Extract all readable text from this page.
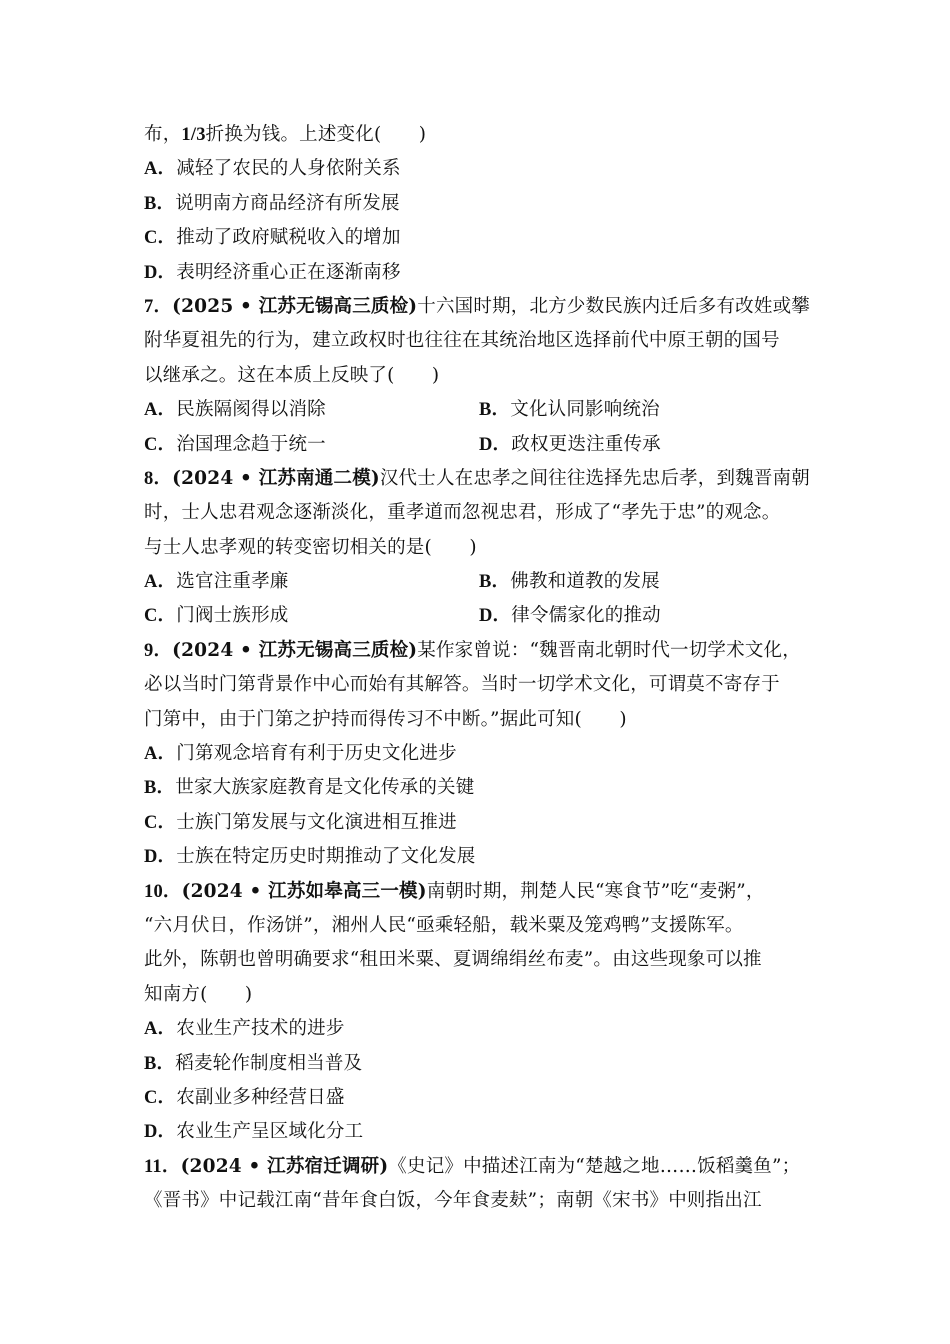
布，1/3折换为钱。上述变化(　　)
A．减轻了农民的人身依附关系
B．说明南方商品经济有所发展
C．推动了政府赋税收入的增加
D．表明经济重心正在逐渐南移
7．(2025 • 江苏无锡高三质检)十六国时期，北方少数民族内迁后多有改姓或攀
附华夏祖先的行为，建立政权时也往往在其统治地区选择前代中原王朝的国号
以继承之。这在本质上反映了(　　)
A．民族隔阂得以消除	B．文化认同影响统治
C．治国理念趋于统一	D．政权更迭注重传承
8．(2024 • 江苏南通二模)汉代士人在忠孝之间往往选择先忠后孝，到魏晋南朝
时，士人忠君观念逐渐淡化，重孝道而忽视忠君，形成了“孝先于忠”的观念。
与士人忠孝观的转变密切相关的是(　　)
A．选官注重孝廉	B．佛教和道教的发展
C．门阀士族形成	D．律令儒家化的推动
9．(2024 • 江苏无锡高三质检)某作家曾说：“魏晋南北朝时代一切学术文化，
必以当时门第背景作中心而始有其解答。当时一切学术文化，可谓莫不寄存于
门第中，由于门第之护持而得传习不中断。”据此可知(　　)
A．门第观念培育有利于历史文化进步
B．世家大族家庭教育是文化传承的关键
C．士族门第发展与文化演进相互推进
D．士族在特定历史时期推动了文化发展
10．(2024 • 江苏如皋高三一模)南朝时期，荆楚人民“寒食节”吃“麦粥”，
“六月伏日，作汤饼”，湘州人民“亟乘轻船，载米粟及笼鸡鸭”支援陈军。
此外，陈朝也曾明确要求“租田米粟、夏调绵绢丝布麦”。由这些现象可以推
知南方(　　)
A．农业生产技术的进步
B．稻麦轮作制度相当普及
C．农副业多种经营日盛
D．农业生产呈区域化分工
11．(2024 • 江苏宿迁调研)《史记》中描述江南为“楚越之地……饭稻羹鱼”；
《晋书》中记载江南“昔年食白饭，今年食麦麸”；南朝《宋书》中则指出江
